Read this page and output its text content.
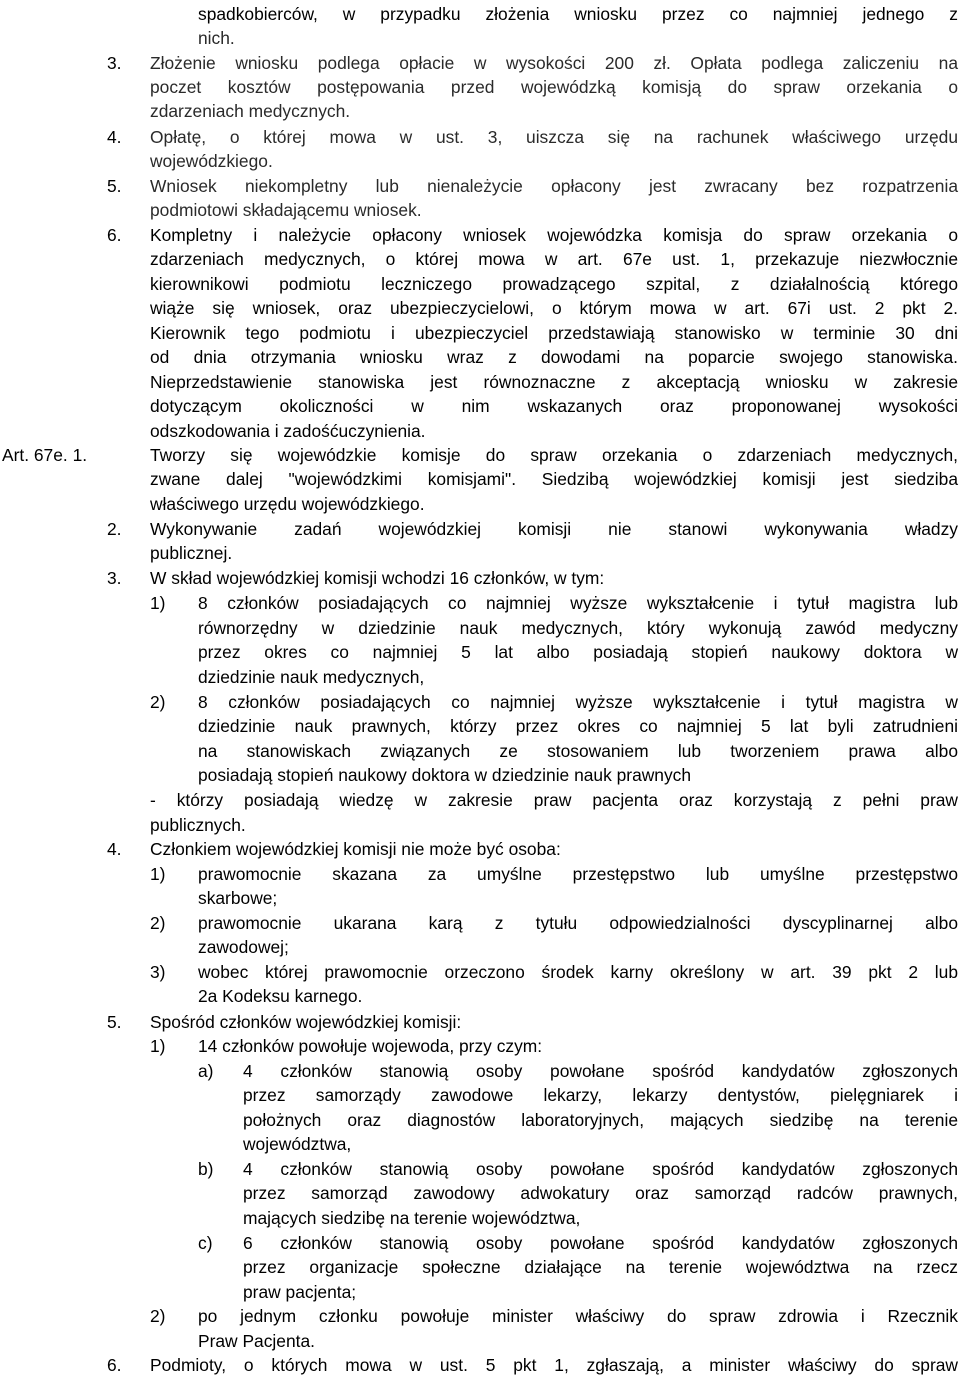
spadkobierców, w przypadku złożenia wniosku przez co najmniej jednego z
nich.
3. Złożenie wniosku podlega opłacie w wysokości 200 zł. Opłata podlega zaliczeniu na
poczet kosztów postępowania przed wojewódzką komisją do spraw orzekania o
zdarzeniach medycznych.
4. Opłatę, o której mowa w ust. 3, uiszcza się na rachunek właściwego urzędu
wojewódzkiego.
5. Wniosek niekompletny lub nienależycie opłacony jest zwracany bez rozpatrzenia
podmiotowi składającemu wniosek.
6. Kompletny i należycie opłacony wniosek wojewódzka komisja do spraw orzekania o
zdarzeniach medycznych, o której mowa w art. 67e ust. 1, przekazuje niezwłocznie
kierownikowi podmiotu leczniczego prowadzącego szpital, z działalnością którego
wiąże się wniosek, oraz ubezpieczycielowi, o którym mowa w art. 67i ust. 2 pkt 2.
Kierownik tego podmiotu i ubezpieczyciel przedstawiają stanowisko w terminie 30 dni
od dnia otrzymania wniosku wraz z dowodami na poparcie swojego stanowiska.
Nieprzedstawienie stanowiska jest równoznaczne z akceptacją wniosku w zakresie
dotyczącym okoliczności w nim wskazanych oraz proponowanej wysokości
odszkodowania i zadośćuczynienia.
Art. 67e. 1.	Tworzy się wojewódzkie komisje do spraw orzekania o zdarzeniach medycznych,
zwane dalej "wojewódzkimi komisjami". Siedzibą wojewódzkiej komisji jest siedziba
właściwego urzędu wojewódzkiego.
2. Wykonywanie zadań wojewódzkiej komisji nie stanowi wykonywania władzy
publicznej.
3. W skład wojewódzkiej komisji wchodzi 16 członków, w tym:
1) 8 członków posiadających co najmniej wyższe wykształcenie i tytuł magistra lub
równorzędny w dziedzinie nauk medycznych, który wykonują zawód medyczny
przez okres co najmniej 5 lat albo posiadają stopień naukowy doktora w
dziedzinie nauk medycznych,
2) 8 członków posiadających co najmniej wyższe wykształcenie i tytuł magistra w
dziedzinie nauk prawnych, którzy przez okres co najmniej 5 lat byli zatrudnieni
na stanowiskach związanych ze stosowaniem lub tworzeniem prawa albo
posiadają stopień naukowy doktora w dziedzinie nauk prawnych
- którzy posiadają wiedzę w zakresie praw pacjenta oraz korzystają z pełni praw
publicznych.
4. Członkiem wojewódzkiej komisji nie może być osoba:
1) prawomocnie skazana za umyślne przestępstwo lub umyślne przestępstwo
skarbowe;
2) prawomocnie ukarana karą z tytułu odpowiedzialności dyscyplinarnej albo
zawodowej;
3) wobec której prawomocnie orzeczono środek karny określony w art. 39 pkt 2 lub
2a Kodeksu karnego.
5. Spośród członków wojewódzkiej komisji:
1) 14 członków powołuje wojewoda, przy czym:
a) 4 członków stanowią osoby powołane spośród kandydatów zgłoszonych
przez samorządy zawodowe lekarzy, lekarzy dentystów, pielęgniarek i
położnych oraz diagnostów laboratoryjnych, mających siedzibę na terenie
województwa,
b) 4 członków stanowią osoby powołane spośród kandydatów zgłoszonych
przez samorząd zawodowy adwokatury oraz samorząd radców prawnych,
mających siedzibę na terenie województwa,
c) 6 członków stanowią osoby powołane spośród kandydatów zgłoszonych
przez organizacje społeczne działające na terenie województwa na rzecz
praw pacjenta;
2) po jednym członku powołuje minister właściwy do spraw zdrowia i Rzecznik
Praw Pacjenta.
6. Podmioty, o których mowa w ust. 5 pkt 1, zgłaszają, a minister właściwy do spraw
